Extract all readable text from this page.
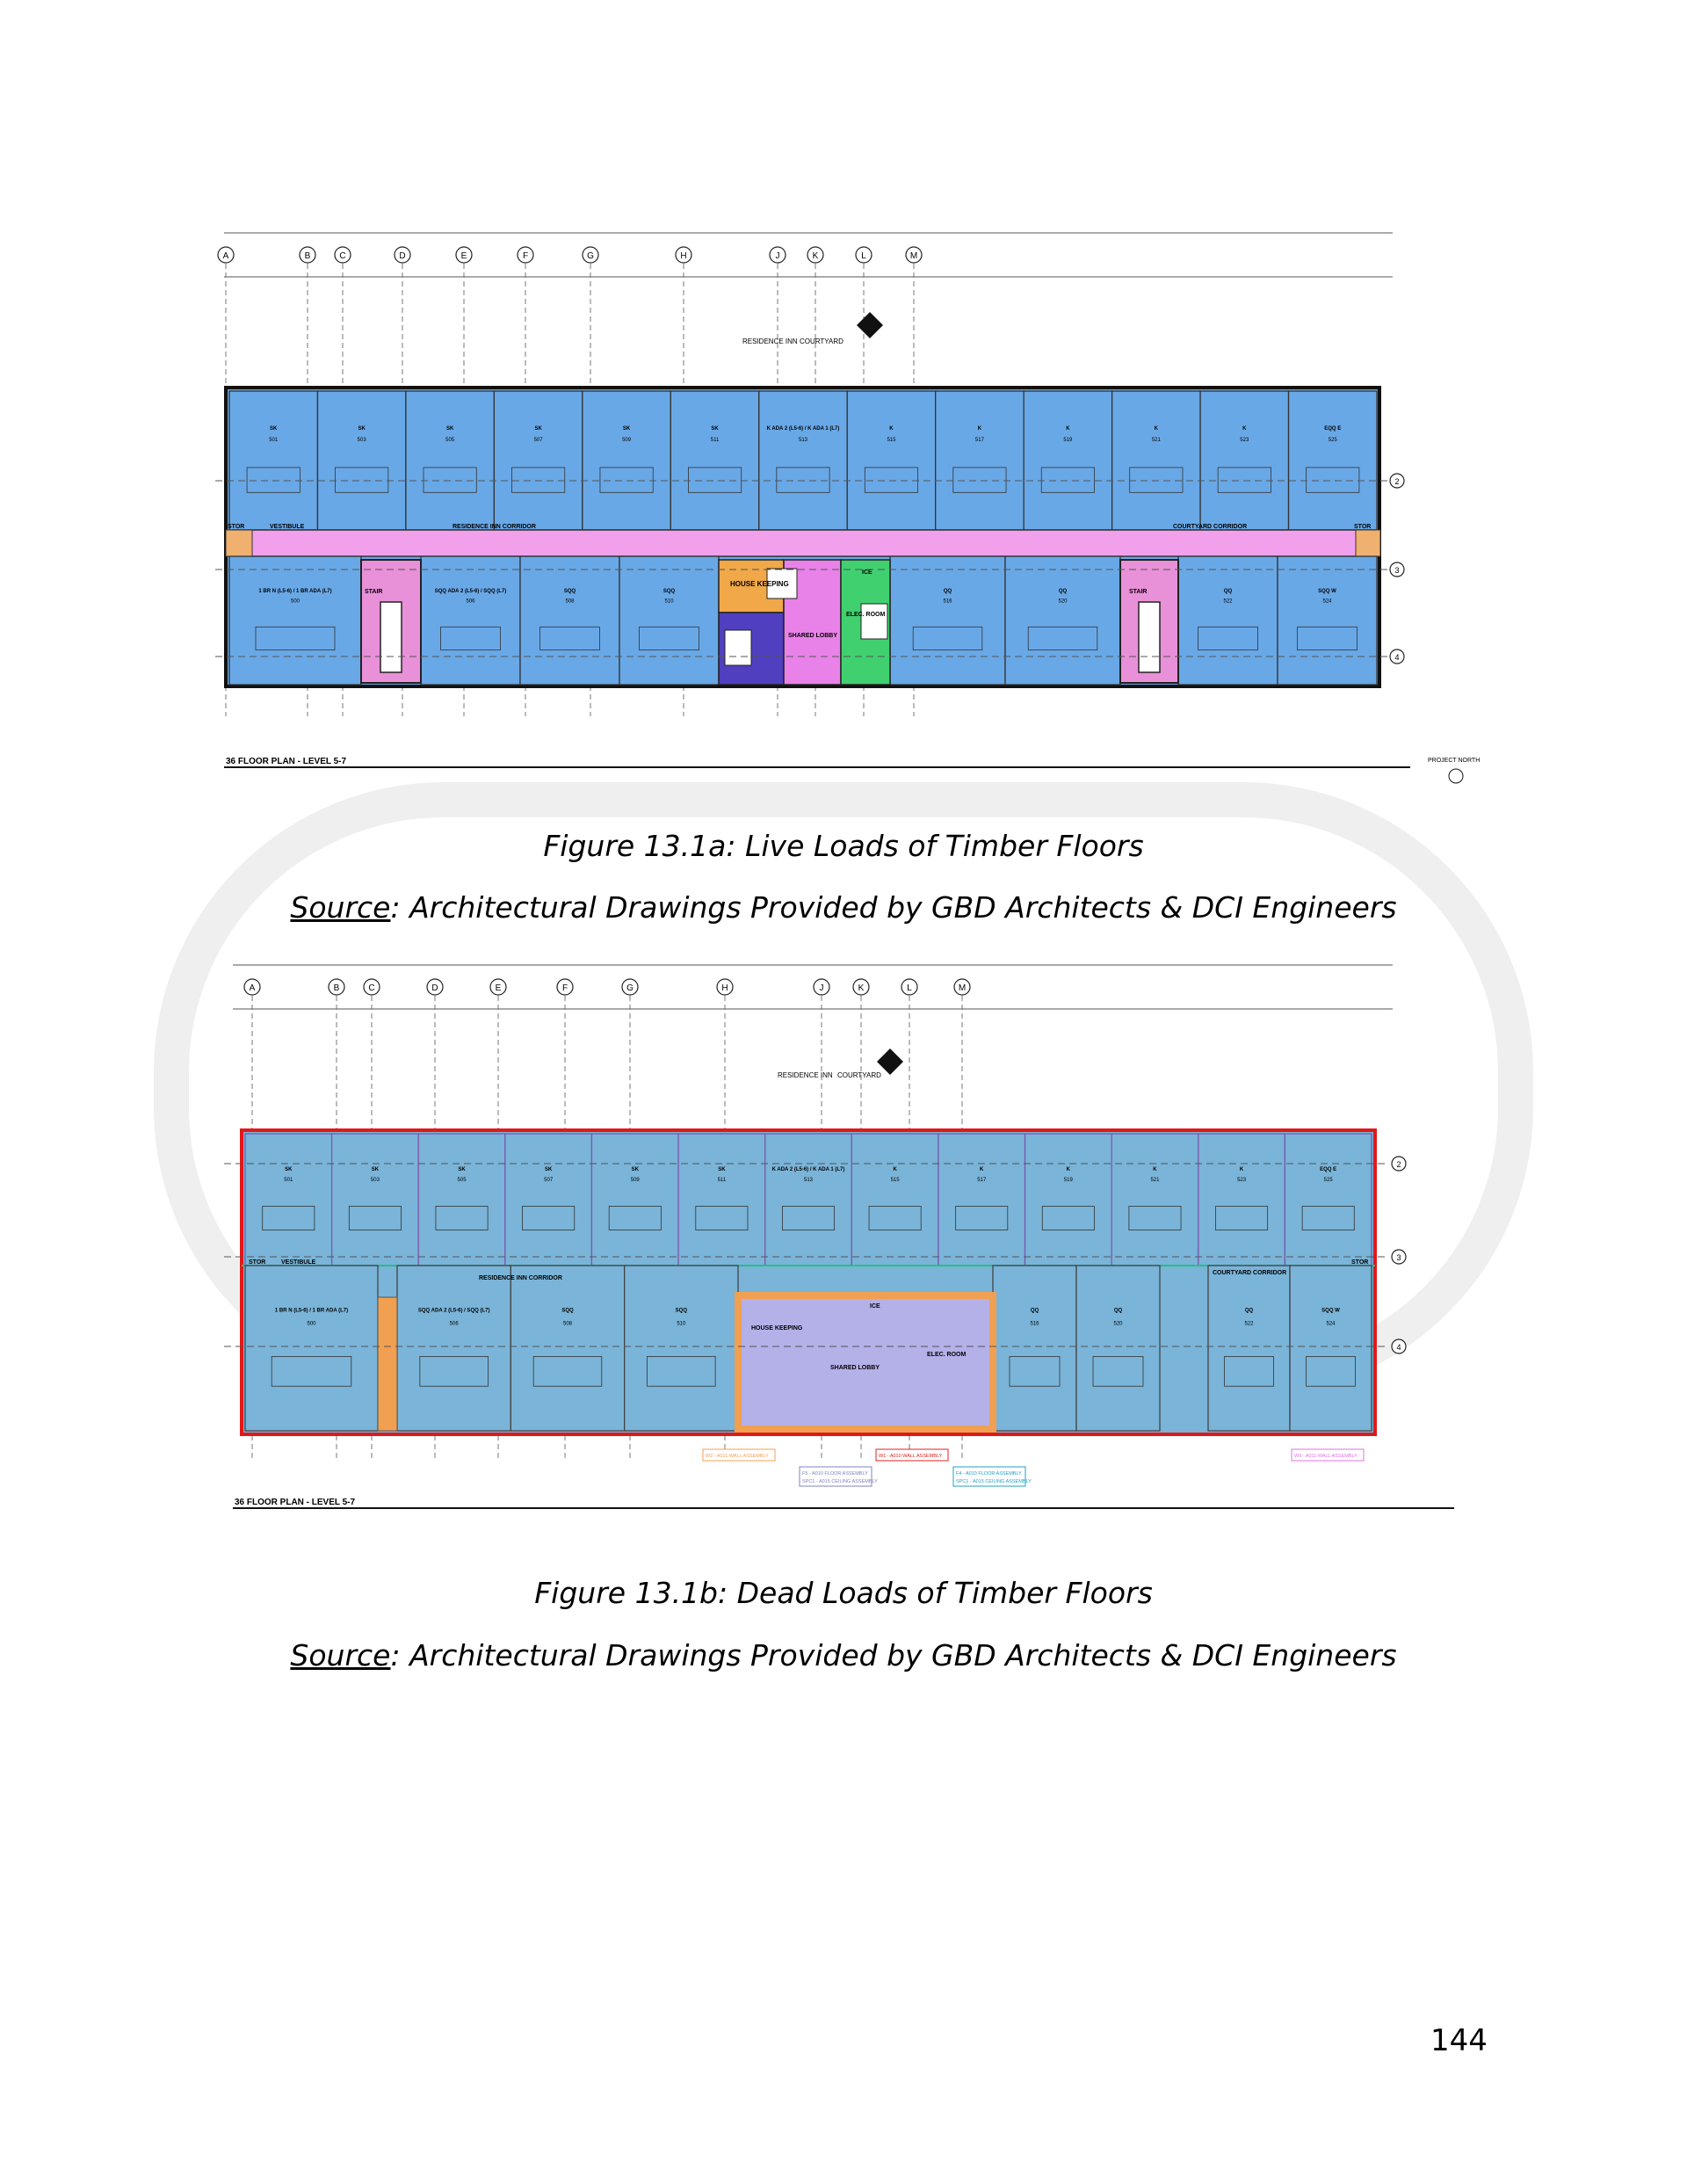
A	B	C	D	E	F	G	H	J	K	L	M
SK
501
SK
503
SK
505
SK
507
SK
509
SK
511
K ADA 2 (L5-6) / K ADA 1 (L7)
513
K
515
K
517
K
519
K
521
K
523
EQQ E
525
1 BR N (L5-6) / 1 BR ADA (L7)
500
SQQ ADA 2 (L5-6) / SQQ (L7)
506
SQQ
508
SQQ
510
QQ
516
QQ
520
QQ
522
SQQ W
524
HOUSE KEEPING
SHARED LOBBY
ELEC. ROOM
ICE
STAIR	STAIR
VESTIBULE
STOR	STOR
RESIDENCE INN CORRIDOR	COURTYARD CORRIDOR
RESIDENCE INN COURTYARD
2
3
4
36 FLOOR PLAN - LEVEL 5-7	PROJECT NORTH
Figure 13.1a: Live Loads of Timber Floors
Source: Architectural Drawings Provided by GBD Architects & DCI Engineers
A	B	C	D	E	F	G	H	J	K	L	M
SK
501
SK
503
SK
505
SK
507
SK
509
SK
511
K ADA 2 (L5-6) / K ADA 1 (L7)
513
K
515
K
517
K
519
K
521
K
523
EQQ E
525
1 BR N (L5-6) / 1 BR ADA (L7)
500
SQQ ADA 2 (L5-6) / SQQ (L7)
506
SQQ
508
SQQ
510
QQ
516
QQ
520
QQ
522
SQQ W
524
HOUSE KEEPING
SHARED LOBBY
ELEC. ROOM
ICE
VESTIBULE
STOR	STOR
RESIDENCE INN CORRIDOR
COURTYARD CORRIDOR
RESIDENCE INN COURTYARD
2
3
4
W2 - A011 WALL ASSEMBLY	W1 - A010 WALL ASSEMBLY
F5 - A010 FLOOR ASSEMBLY
SPC1 - A015 CEILING ASSEMBLY
F4 - A010 FLOOR ASSEMBLY
SPC1 - A015 CEILING ASSEMBLY
W3 - A011 WALL ASSEMBLY
36 FLOOR PLAN - LEVEL 5-7
Figure 13.1b: Dead Loads of Timber Floors
Source: Architectural Drawings Provided by GBD Architects & DCI Engineers
144
